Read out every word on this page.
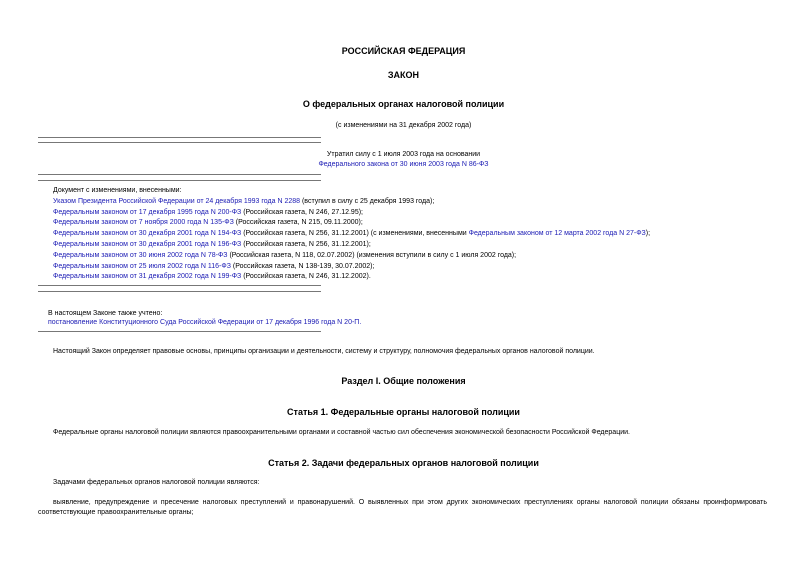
РОССИЙСКАЯ ФЕДЕРАЦИЯ
ЗАКОН
О федеральных органах налоговой полиции
(с изменениями на 31 декабря 2002 года)
Утратил силу с 1 июля 2003 года на основании
Федерального закона от 30 июня 2003 года N 86-ФЗ
Документ с изменениями, внесенными:
Указом Президента Российской Федерации от 24 декабря 1993 года N 2288 (вступил в силу с 25 декабря 1993 года);
Федеральным законом от 17 декабря 1995 года N 200-ФЗ (Российская газета, N 246, 27.12.95);
Федеральным законом от 7 ноября 2000 года N 135-ФЗ (Российская газета, N 215, 09.11.2000);
Федеральным законом от 30 декабря 2001 года N 194-ФЗ (Российская газета, N 256, 31.12.2001) (с изменениями, внесенными Федеральным законом от 12 марта 2002 года N 27-ФЗ);
Федеральным законом от 30 декабря 2001 года N 196-ФЗ (Российская газета, N 256, 31.12.2001);
Федеральным законом от 30 июня 2002 года N 78-ФЗ (Российская газета, N 118, 02.07.2002) (изменения вступили в силу с 1 июля 2002 года);
Федеральным законом от 25 июля 2002 года N 116-ФЗ (Российская газета, N 138-139, 30.07.2002);
Федеральным законом от 31 декабря 2002 года N 199-ФЗ (Российская газета, N 246, 31.12.2002).
В настоящем Законе также учтено:
постановление Конституционного Суда Российской Федерации от 17 декабря 1996 года N 20-П.
Настоящий Закон определяет правовые основы, принципы организации и деятельности, систему и структуру, полномочия федеральных органов налоговой полиции.
Раздел I. Общие положения
Статья 1. Федеральные органы налоговой полиции
Федеральные органы налоговой полиции являются правоохранительными органами и составной частью сил обеспечения экономической безопасности Российской Федерации.
Статья 2. Задачи федеральных органов налоговой полиции
Задачами федеральных органов налоговой полиции являются:
выявление, предупреждение и пресечение налоговых преступлений и правонарушений. О выявленных при этом других экономических преступлениях органы налоговой полиции обязаны проинформировать соответствующие правоохранительные органы;
